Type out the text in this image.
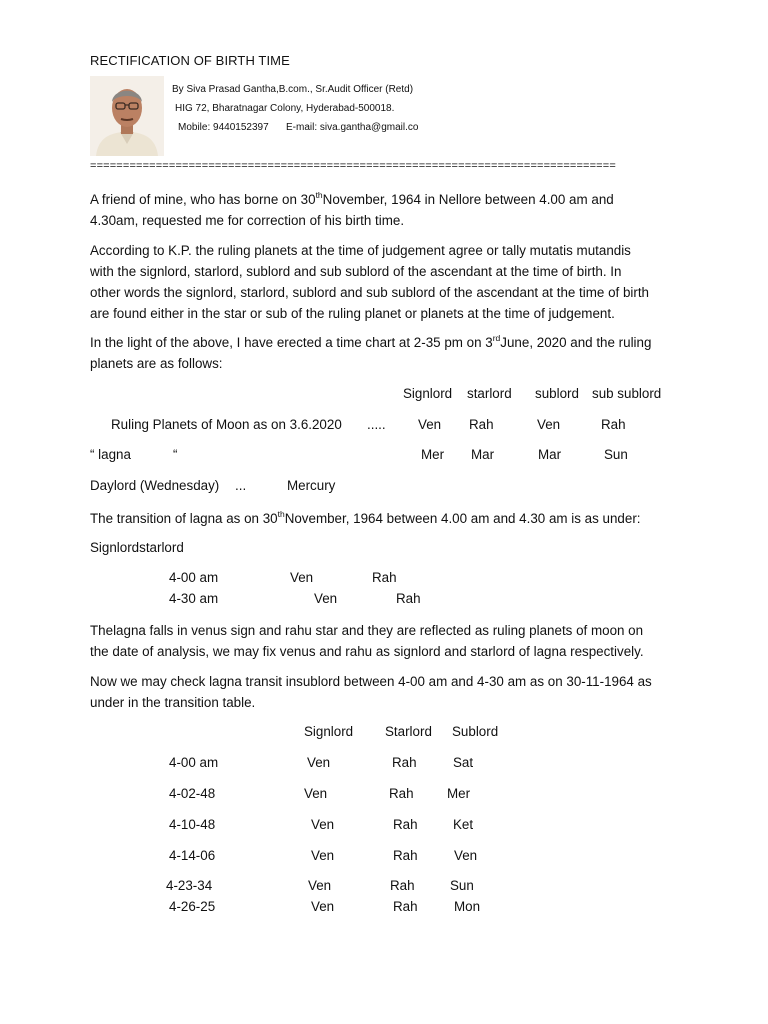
RECTIFICATION OF BIRTH TIME
By Siva Prasad Gantha,B.com., Sr.Audit Officer (Retd)
HIG 72, Bharatnagar Colony, Hyderabad-500018.
Mobile: 9440152397 E-mail: siva.gantha@gmail.co
================================================================================
A friend of mine, who has borne on 30thNovember, 1964 in Nellore between 4.00 am and
4.30am, requested me for correction of his birth time.
According to K.P. the ruling planets at the time of judgement agree or tally mutatis mutandis
with the signlord, starlord, sublord and sub sublord of the ascendant at the time of birth. In
other words the signlord, starlord, sublord and sub sublord of the ascendant at the time of birth
are found either in the star or sub of the ruling planet or planets at the time of judgement.
In the light of the above, I have erected a time chart at 2-35 pm on 3rdJune, 2020 and the ruling
planets are as follows:
Signlord starlord sublord sub sublord
Ruling Planets of Moon as on 3.6.2020 ..... Ven Rah	Ven	Rah
“ lagna	“	Mer Mar	Mar	Sun
Daylord (Wednesday) ...	Mercury
The transition of lagna as on 30thNovember, 1964 between 4.00 am and 4.30 am is as under:
Signlordstarlord
4-00 am	Ven	Rah
4-30 am	Ven	Rah
Thelagna falls in venus sign and rahu star and they are reflected as ruling planets of moon on
the date of analysis, we may fix venus and rahu as signlord and starlord of lagna respectively.
Now we may check lagna transit insublord between 4-00 am and 4-30 am as on 30-11-1964 as
under in the transition table.
Signlord Starlord Sublord
4-00 am	Ven	Rah	Sat
4-02-48	Ven	Rah Mer
4-10-48	Ven	Rah	Ket
4-14-06	Ven	Rah	Ven
4-23-34	Ven	Rah	Sun
4-26-25	Ven	Rah	Mon
